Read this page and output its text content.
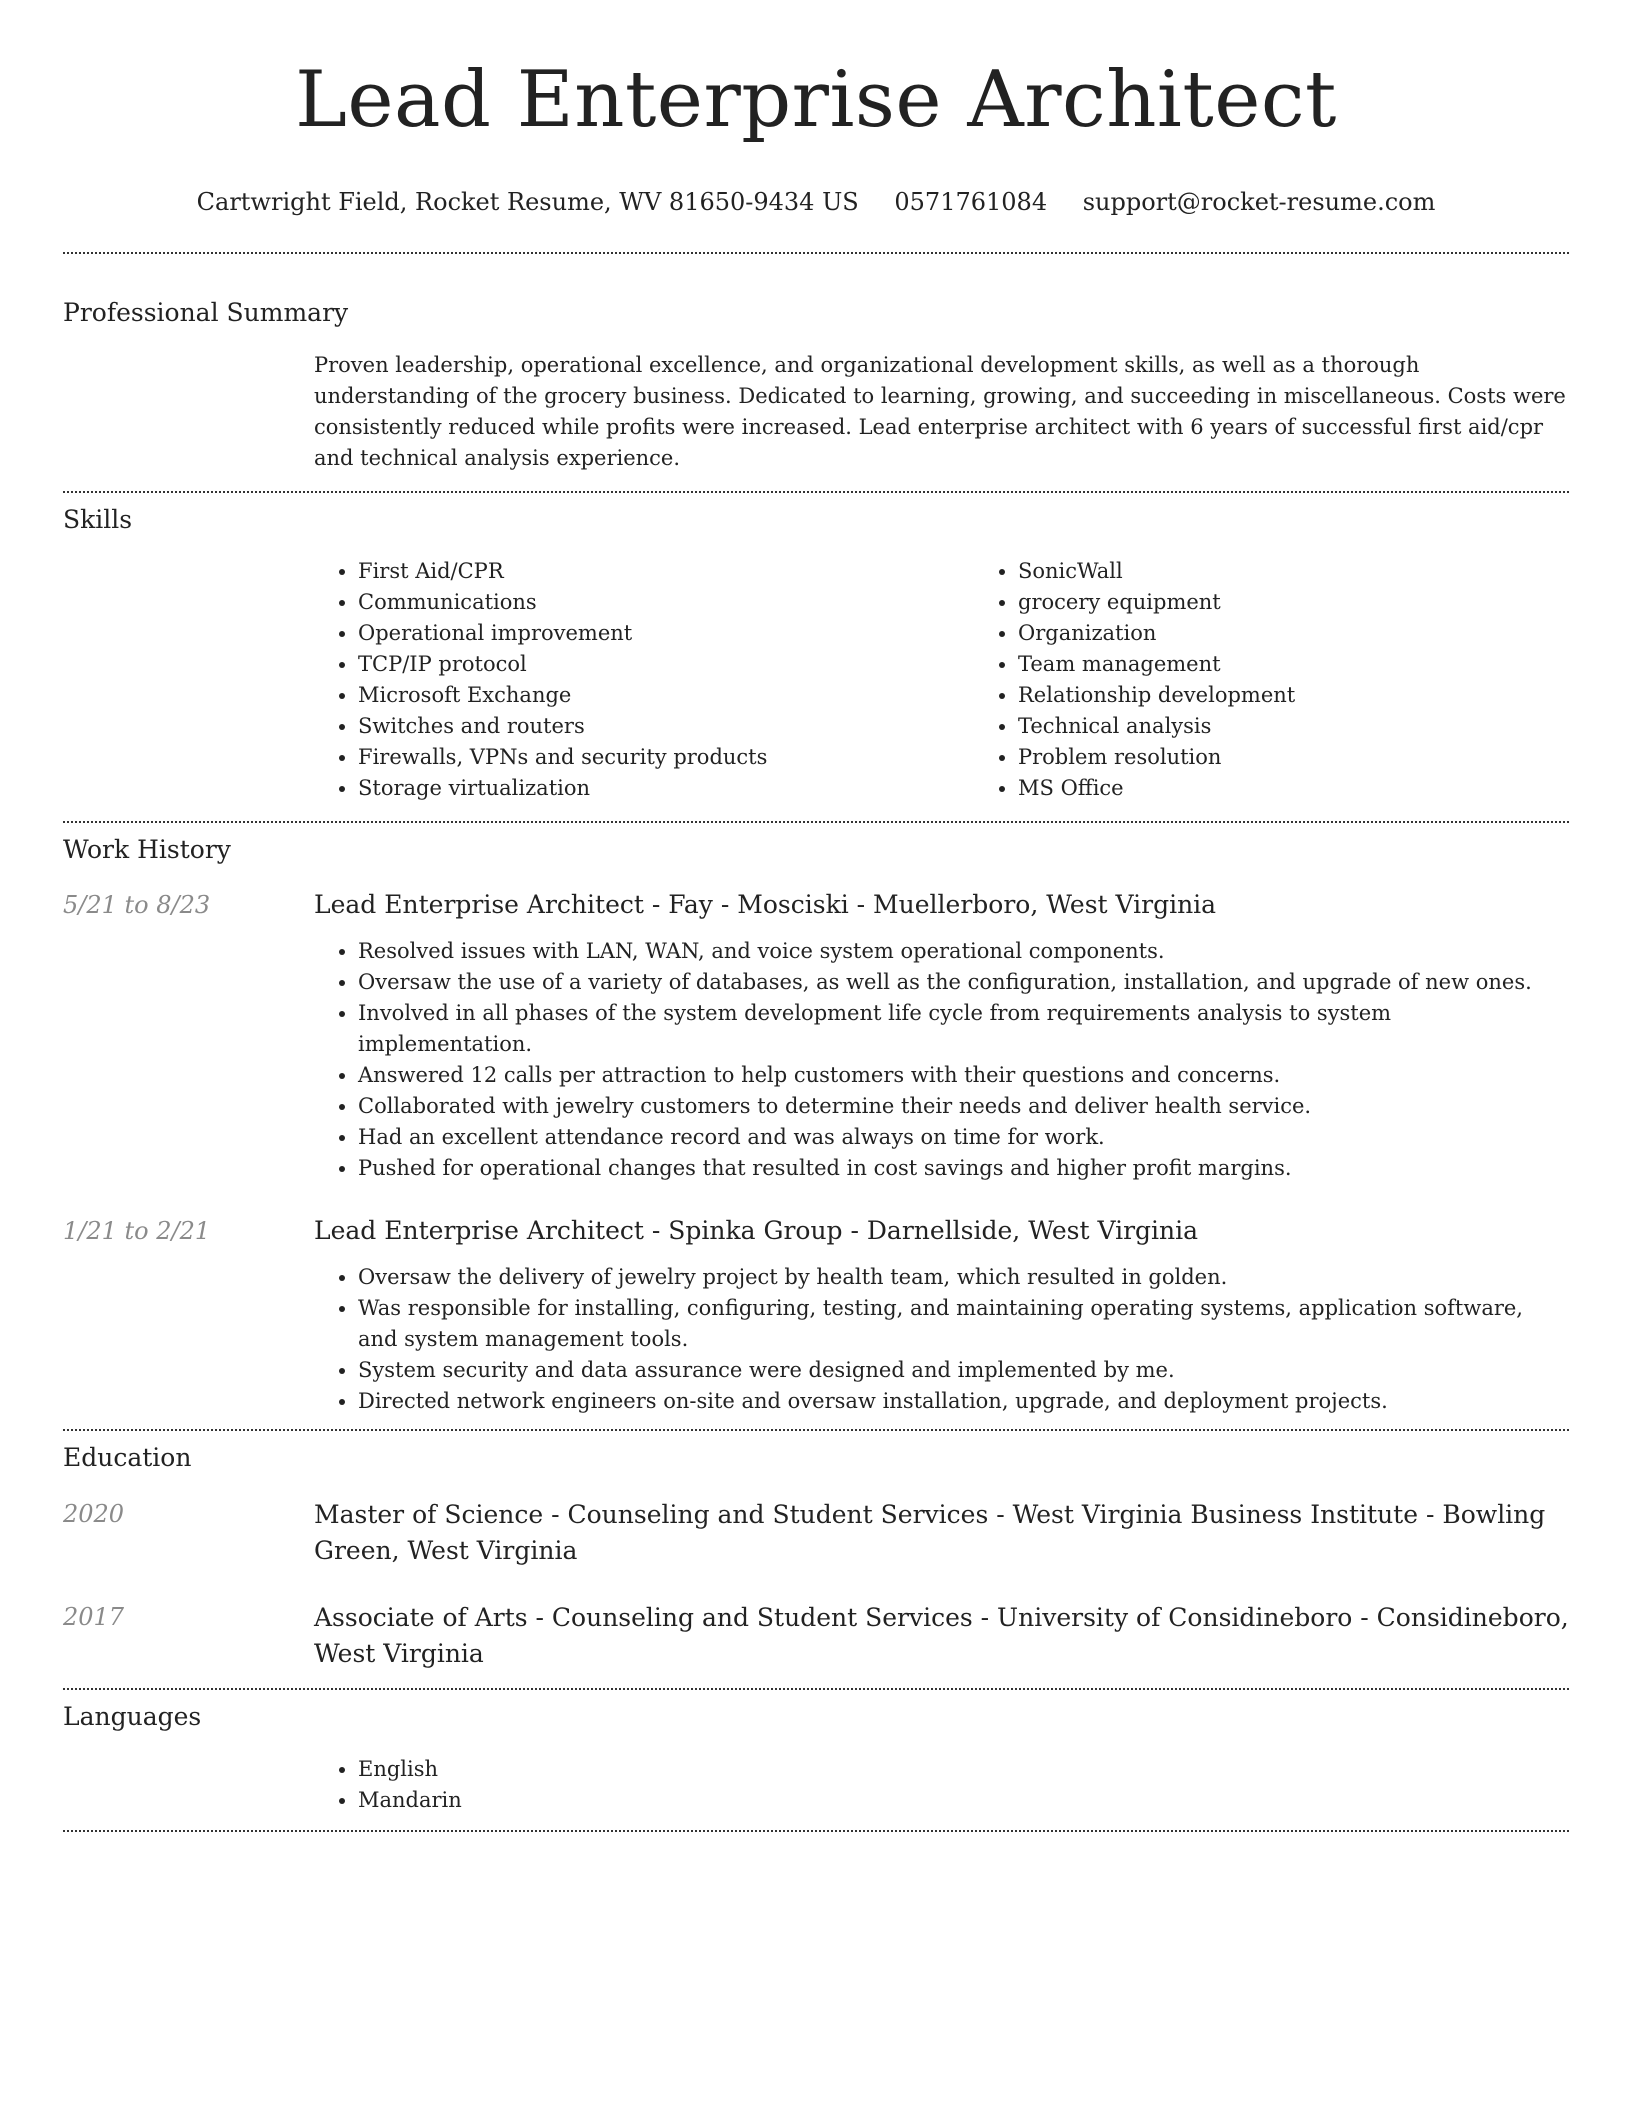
Lead Enterprise Architect
Cartwright Field, Rocket Resume, WV 81650-9434 US 0571761084 support@rocket-resume.com
Professional Summary

Proven leadership, operational excellence, and organizational development skills, as well as a thorough understanding of the grocery business. Dedicated to learning, growing, and succeeding in miscellaneous. Costs were consistently reduced while profits were increased. Lead enterprise architect with 6 years of successful first aid/cpr and technical analysis experience.

Skills
• First Aid/CPR
• Communications
• Operational improvement
• TCP/IP protocol
• Microsoft Exchange
• Switches and routers
• Firewalls, VPNs and security products
• Storage virtualization
• SonicWall
• grocery equipment
• Organization
• Team management
• Relationship development
• Technical analysis
• Problem resolution
• MS Office
Work History
5/21 to 8/23	Lead Enterprise Architect - Fay - Mosciski - Muellerboro, West Virginia

• Resolved issues with LAN, WAN, and voice system operational components.
• Oversaw the use of a variety of databases, as well as the configuration, installation, and upgrade of new ones.
• Involved in all phases of the system development life cycle from requirements analysis to system implementation.
• Answered 12 calls per attraction to help customers with their questions and concerns.
• Collaborated with jewelry customers to determine their needs and deliver health service.
• Had an excellent attendance record and was always on time for work.
• Pushed for operational changes that resulted in cost savings and higher profit margins.
1/21 to 2/21	Lead Enterprise Architect - Spinka Group - Darnellside, West Virginia

• Oversaw the delivery of jewelry project by health team, which resulted in golden.
• Was responsible for installing, configuring, testing, and maintaining operating systems, application software, and system management tools.
• System security and data assurance were designed and implemented by me.
• Directed network engineers on-site and oversaw installation, upgrade, and deployment projects.
Education
2020	Master of Science - Counseling and Student Services - West Virginia Business Institute - Bowling Green, West Virginia

2017	Associate of Arts - Counseling and Student Services - University of Considineboro - Considineboro, West Virginia

Languages
• English
• Mandarin
